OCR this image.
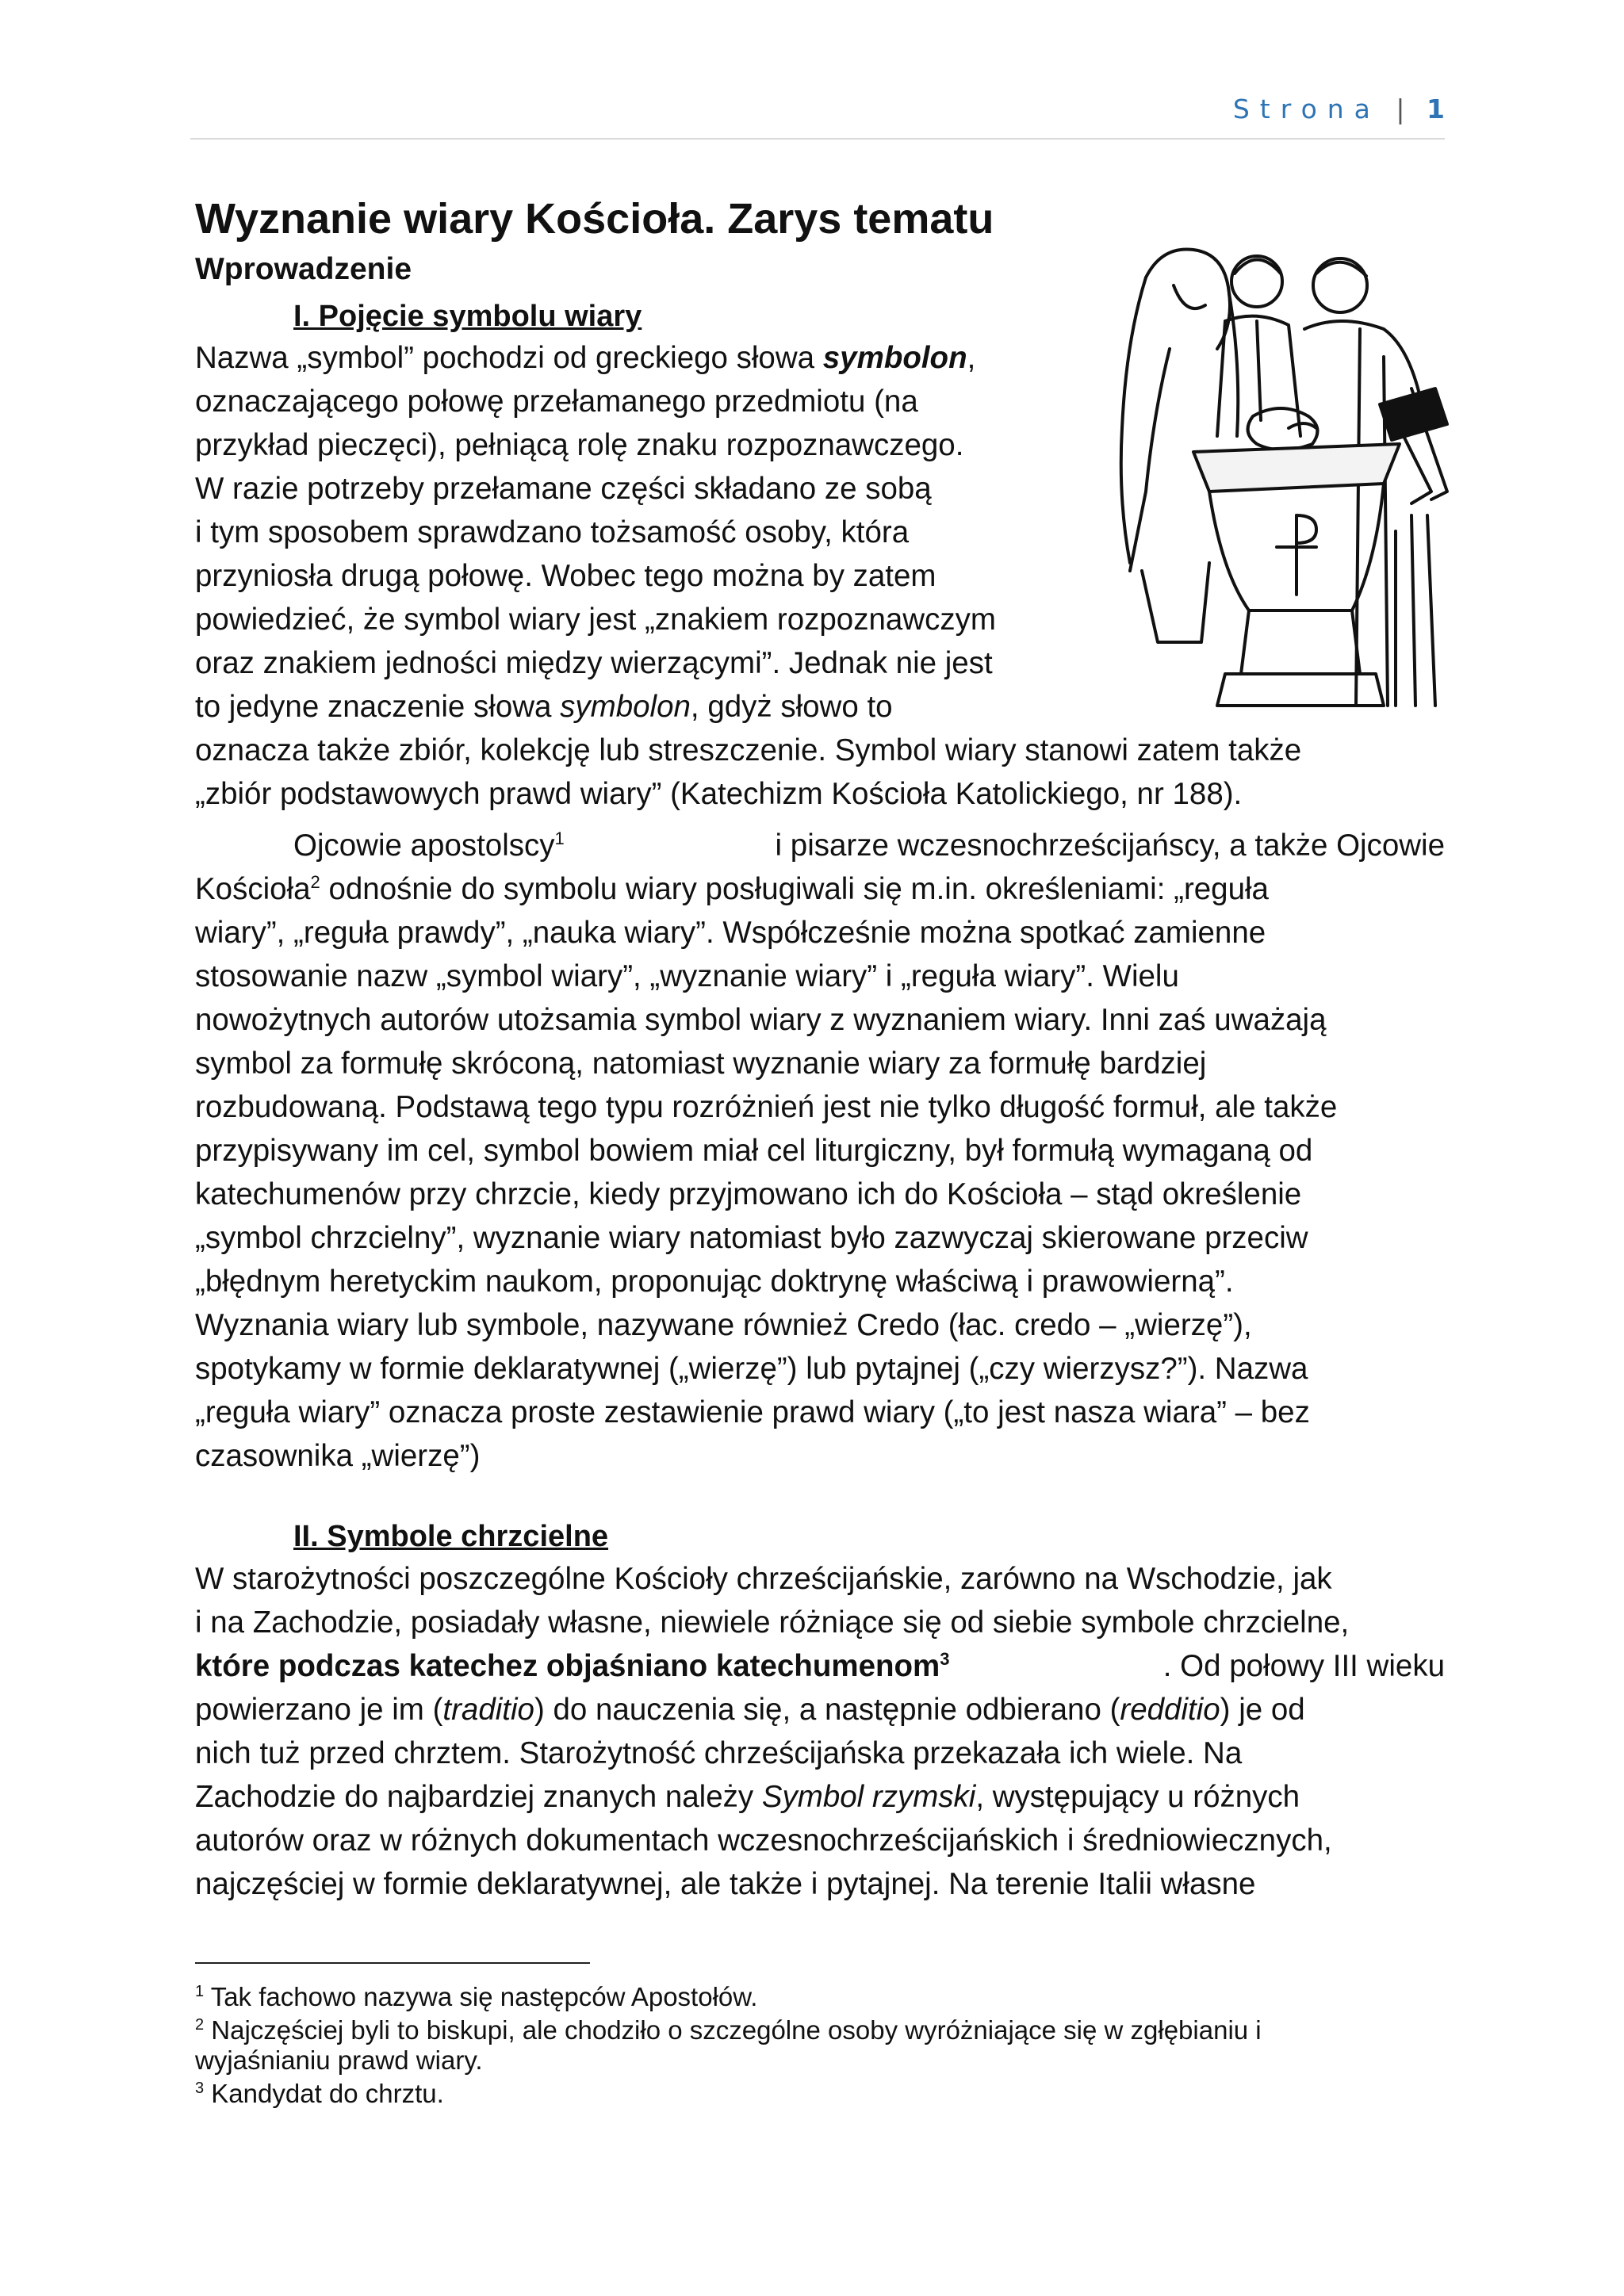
Strona | 1
Wyznanie wiary Kościoła. Zarys tematu
Wprowadzenie
I. Pojęcie symbolu wiary

Nazwa „symbol” pochodzi od greckiego słowa symbolon,

oznaczającego połowę przełamanego przedmiotu (na

przykład pieczęci), pełniącą rolę znaku rozpoznawczego.

W razie potrzeby przełamane części składano ze sobą

i tym sposobem sprawdzano tożsamość osoby, która

przyniosła drugą połowę. Wobec tego można by zatem

powiedzieć, że symbol wiary jest „znakiem rozpoznawczym

oraz znakiem jedności między wierzącymi”. Jednak nie jest

to jedyne znaczenie słowa symbolon, gdyż słowo to

oznacza także zbiór, kolekcję lub streszczenie. Symbol wiary stanowi zatem także

„zbiór podstawowych prawd wiary” (Katechizm Kościoła Katolickiego, nr 188).

Ojcowie apostolscy$^1$	i pisarze wczesnochrześcijańscy, a także Ojcowie

Kościoła$^2$ odnośnie do symbolu wiary posługiwali się m.in. określeniami: „reguła

wiary”, „reguła prawdy”, „nauka wiary”. Współcześnie można spotkać zamienne

stosowanie nazw „symbol wiary”, „wyznanie wiary” i „reguła wiary”. Wielu

nowożytnych autorów utożsamia symbol wiary z wyznaniem wiary. Inni zaś uważają

symbol za formułę skróconą, natomiast wyznanie wiary za formułę bardziej

rozbudowaną. Podstawą tego typu rozróżnień jest nie tylko długość formuł, ale także

przypisywany im cel, symbol bowiem miał cel liturgiczny, był formułą wymaganą od

katechumenów przy chrzcie, kiedy przyjmowano ich do Kościoła – stąd określenie

„symbol chrzcielny”, wyznanie wiary natomiast było zazwyczaj skierowane przeciw

„błędnym heretyckim naukom, proponując doktrynę właściwą i prawowierną”.

Wyznania wiary lub symbole, nazywane również Credo (łac. credo – „wierzę”),

spotykamy w formie deklaratywnej („wierzę”) lub pytajnej („czy wierzysz?”). Nazwa

„reguła wiary” oznacza proste zestawienie prawd wiary („to jest nasza wiara” – bez

czasownika „wierzę”)

II. Symbole chrzcielne

W starożytności poszczególne Kościoły chrześcijańskie, zarówno na Wschodzie, jak

i na Zachodzie, posiadały własne, niewiele różniące się od siebie symbole chrzcielne,

które podczas katechez objaśniano katechumenom$^3$	. Od połowy III wieku

powierzano je im (traditio) do nauczenia się, a następnie odbierano (redditio) je od

nich tuż przed chrztem. Starożytność chrześcijańska przekazała ich wiele. Na

Zachodzie do najbardziej znanych należy Symbol rzymski, występujący u różnych

autorów oraz w różnych dokumentach wczesnochrześcijańskich i średniowiecznych,

najczęściej w formie deklaratywnej, ale także i pytajnej. Na terenie Italii własne

$^1$ Tak fachowo nazywa się następców Apostołów.

$^2$ Najczęściej byli to biskupi, ale chodziło o szczególne osoby wyróżniające się w zgłębianiu i

wyjaśnianiu prawd wiary.

$^3$ Kandydat do chrztu.
